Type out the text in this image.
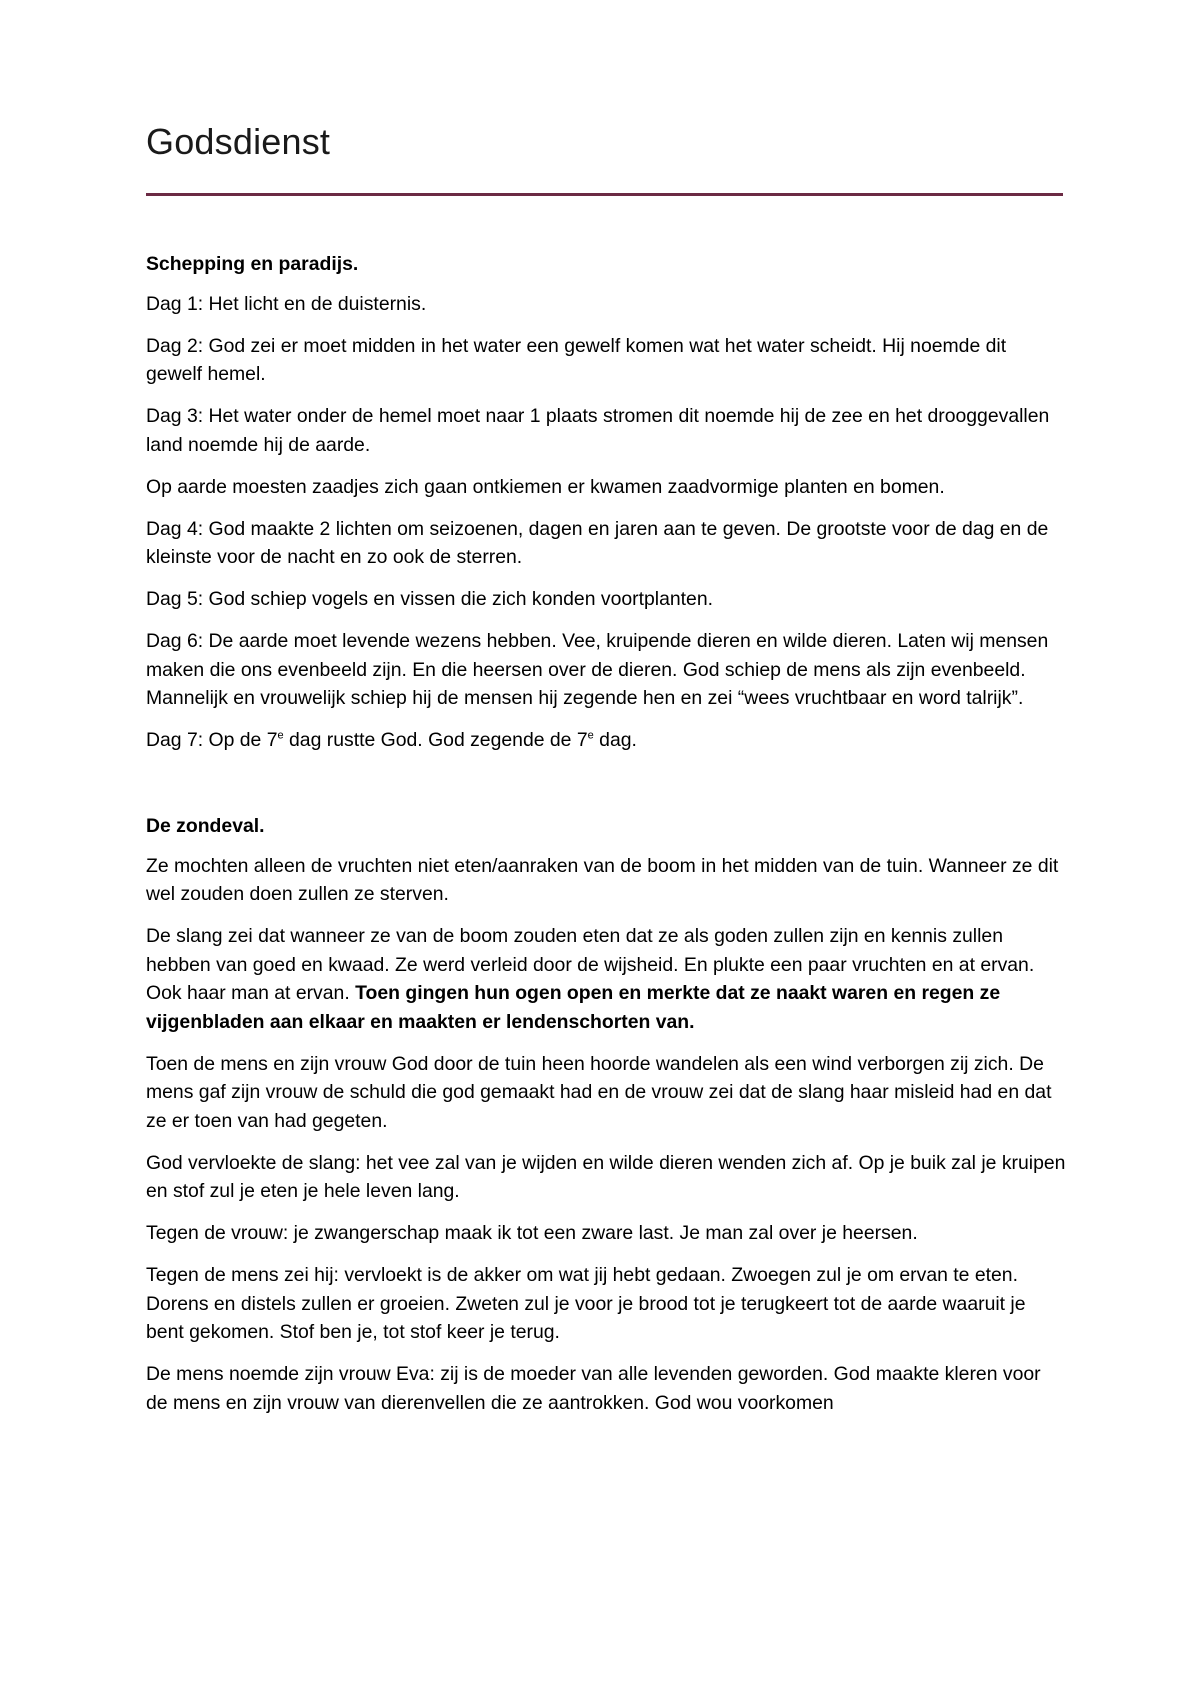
Godsdienst

Schepping en paradijs.

Dag 1: Het licht en de duisternis.

Dag 2: God zei er moet midden in het water een gewelf komen wat het water scheidt. Hij noemde dit gewelf hemel.

Dag 3: Het water onder de hemel moet naar 1 plaats stromen dit noemde hij de zee en het drooggevallen land noemde hij de aarde.

Op aarde moesten zaadjes zich gaan ontkiemen er kwamen zaadvormige planten en bomen.

Dag 4: God maakte 2 lichten om seizoenen, dagen en jaren aan te geven. De grootste voor de dag en de kleinste voor de nacht en zo ook de sterren.

Dag 5: God schiep vogels en vissen die zich konden voortplanten.

Dag 6: De aarde moet levende wezens hebben. Vee, kruipende dieren en wilde dieren. Laten wij mensen maken die ons evenbeeld zijn. En die heersen over de dieren. God schiep de mens als zijn evenbeeld. Mannelijk en vrouwelijk schiep hij de mensen hij zegende hen en zei “wees vruchtbaar en word talrijk”.

Dag 7: Op de 7e dag rustte God. God zegende de 7e dag.

De zondeval.

Ze mochten alleen de vruchten niet eten/aanraken van de boom in het midden van de tuin. Wanneer ze dit wel zouden doen zullen ze sterven.

De slang zei dat wanneer ze van de boom zouden eten dat ze als goden zullen zijn en kennis zullen hebben van goed en kwaad. Ze werd verleid door de wijsheid. En plukte een paar vruchten en at ervan. Ook haar man at ervan. Toen gingen hun ogen open en merkte dat ze naakt waren en regen ze vijgenbladen aan elkaar en maakten er lendenschorten van.

Toen de mens en zijn vrouw God door de tuin heen hoorde wandelen als een wind verborgen zij zich. De mens gaf zijn vrouw de schuld die god gemaakt had en de vrouw zei dat de slang haar misleid had en dat ze er toen van had gegeten.

God vervloekte de slang: het vee zal van je wijden en wilde dieren wenden zich af. Op je buik zal je kruipen en stof zul je eten je hele leven lang.

Tegen de vrouw: je zwangerschap maak ik tot een zware last. Je man zal over je heersen.

Tegen de mens zei hij: vervloekt is de akker om wat jij hebt gedaan. Zwoegen zul je om ervan te eten. Dorens en distels zullen er groeien. Zweten zul je voor je brood tot je terugkeert tot de aarde waaruit je bent gekomen. Stof ben je, tot stof keer je terug.

De mens noemde zijn vrouw Eva: zij is de moeder van alle levenden geworden. God maakte kleren voor de mens en zijn vrouw van dierenvellen die ze aantrokken. God wou voorkomen
